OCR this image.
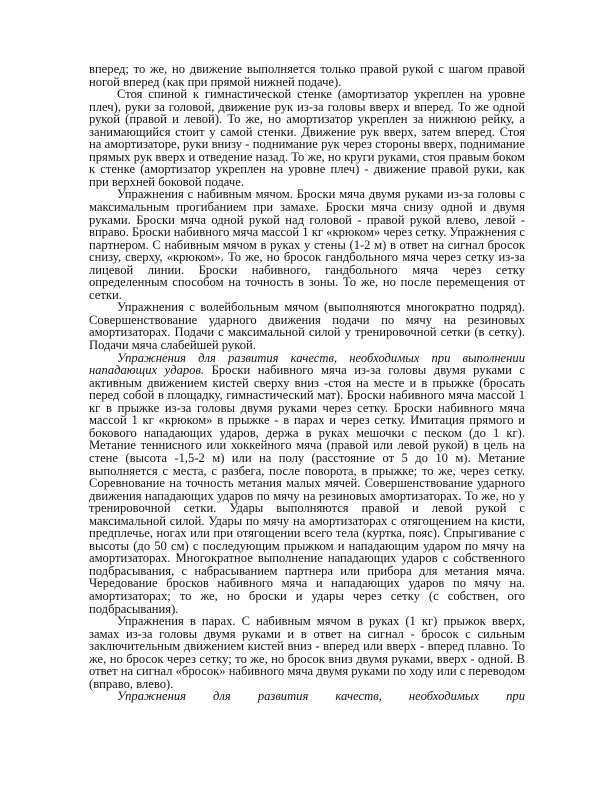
вперед; то же, но движение выполняется только правой рукой с шагом правой ногой вперед (как при прямой нижней подаче).

Стоя спиной к гимнастической стенке (амортизатор укреплен на уровне плеч), руки за головой, движение рук из-за головы вверх и вперед. То же одной рукой (правой и левой). То же, но амортизатор укреплен за нижнюю рейку, а занимающийся стоит у самой стенки. Движение рук вверх, затем вперед. Стоя на амортизаторе, руки внизу - поднимание рук через стороны вверх, поднимание прямых рук вверх и отведение назад. То же, но круги руками, стоя правым боком к стенке (амортизатор укреплен на уровне плеч) - движение правой руки, как при верхней боковой подаче.

Упражнения с набивным мячом. Броски мяча двумя руками из-за головы с максимальным прогибанием при замахе. Броски мяча снизу одной и двумя руками. Броски мяча одной рукой над головой - правой рукой влево, левой - вправо. Броски набивного мяча массой 1 кг «крюком» через сетку. Упражнения с партнером. С набивным мячом в руках у стены (1-2 м) в ответ на сигнал бросок снизу, сверху, «крюком». То же, но бросок гандбольного мяча через сетку из-за лицевой линии. Броски набивного, гандбольного мяча через сетку определенным способом на точность в зоны. То же, но после перемещения от сетки.

Упражнения с волейбольным мячом (выполняются многократно подряд). Совершенствование ударного движения подачи по мячу на резиновых амортизаторах. Подачи с максимальной силой у тренировочной сетки (в сетку). Подачи мяча слабейшей рукой.

Упражнения для развития качеств, необходимых при выполнении нападающих ударов. Броски набивного мяча из-за головы двумя руками с активным движением кистей сверху вниз -стоя на месте и в прыжке (бросать перед собой в площадку, гимнастический мат). Броски набивного мяча массой 1 кг в прыжке из-за головы двумя руками через сетку. Броски набивного мяча массой 1 кг «крюком» в прыжке - в парах и через сетку. Имитация прямого и бокового нападающих ударов, держа в руках мешочки с песком (до 1 кг). Метание теннисного или хоккейного мяча (правой или левой рукой) в цель на стене (высота -1,5-2 м) или на полу (расстояние от 5 до 10 м). Метание выполняется с места, с разбега, после поворота, в прыжке; то же, через сетку. Соревнование на точность метания малых мячей. Совершенствование ударного движения нападающих ударов по мячу на резиновых амортизаторах. То же, но у тренировочной сетки. Удары выполняются правой и левой рукой с максимальной силой. Удары по мячу на амортизаторах с отягощением на кисти, предплечье, ногах или при отягощении всего тела (куртка, пояс). Спрыгивание с высоты (до 50 см) с последующим прыжком и нападающим ударом по мячу на амортизаторах. Многократное выполнение нападающих ударов с собственного подбрасывания, с набрасыванием партнера или прибора для метания мяча. Чередование бросков набивного мяча и нападающих ударов по мячу на. амортизаторах; то же, но броски и удары через сетку (с собствен, ого подбрасывания).

Упражнения в парах. С набивным мячом в руках (1 кг) прыжок вверх, замах из-за головы двумя руками и в ответ на сигнал - бросок с сильным заключительным движением кистей вниз - вперед или вверх - вперед плавно. То же, но бросок через сетку; то же, но бросок вниз двумя руками, вверх - одной. В ответ на сигнал «бросок» набивного мяча двумя руками по ходу или с переводом (вправо, влево).

Упражнения для развития качеств, необходимых при
